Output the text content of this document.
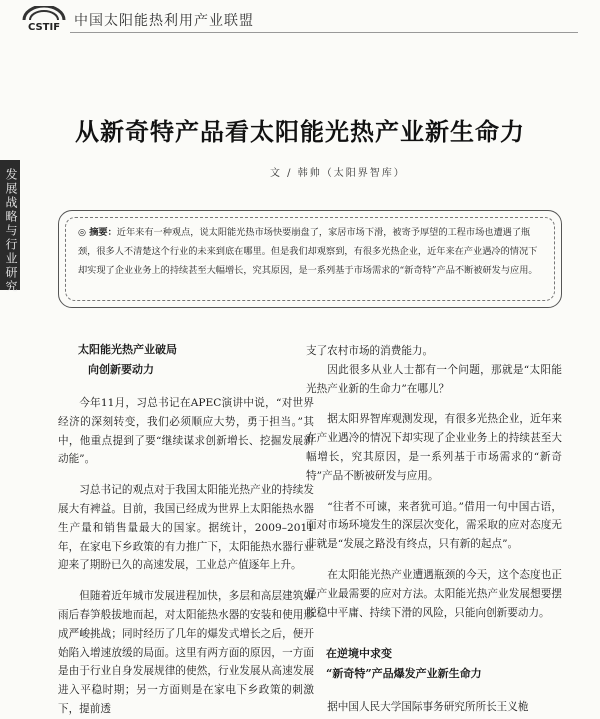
CSTIF 中国太阳能热利用产业联盟
发展战略与行业研究
从新奇特产品看太阳能光热产业新生命力
文 / 韩帅（太阳界智库）
◎ 摘要：近年来有一种观点，说太阳能光热市场快要崩盘了，家居市场下滑，被寄予厚望的工程市场也遭遇了瓶颈，很多人不清楚这个行业的未来到底在哪里。但是我们却观察到，有很多光热企业，近年来在产业遇冷的情况下却实现了企业业务上的持续甚至大幅增长，究其原因，是一系列基于市场需求的“新奇特”产品不断被研发与应用。
太阳能光热产业破局
向创新要动力

今年11月，习总书记在APEC演讲中说，“对世界经济的深刻转变，我们必须顺应大势，勇于担当。”其中，他重点提到了要“继续谋求创新增长、挖掘发展新动能”。

习总书记的观点对于我国太阳能光热产业的持续发展大有裨益。目前，我国已经成为世界上太阳能热水器生产量和销售量最大的国家。据统计，2009–2011年，在家电下乡政策的有力推广下，太阳能热水器行业迎来了期盼已久的高速发展，工业总产值逐年上升。

但随着近年城市发展进程加快，多层和高层建筑如雨后春笋般拔地而起，对太阳能热水器的安装和使用形成严峻挑战；同时经历了几年的爆发式增长之后，便开始陷入增速放缓的局面。这里有两方面的原因，一方面是由于行业自身发展规律的使然，行业发展从高速发展进入平稳时期；另一方面则是在家电下乡政策的刺激下，提前透

支了农村市场的消费能力。

因此很多从业人士都有一个问题，那就是“太阳能光热产业新的生命力”在哪儿？

据太阳界智库观测发现，有很多光热企业，近年来在产业遇冷的情况下却实现了企业业务上的持续甚至大幅增长，究其原因，是一系列基于市场需求的“新奇特”产品不断被研发与应用。

“往者不可谏，来者犹可追。”借用一句中国古语，面对市场环境发生的深层次变化，需采取的应对态度无非就是“发展之路没有终点，只有新的起点”。

在太阳能光热产业遭遇瓶颈的今天，这个态度也正是产业最需要的应对方法。太阳能光热产业发展想要摆脱稳中平庸、持续下滑的风险，只能向创新要动力。

在逆境中求变
“新奇特”产品爆发产业新生命力

据中国人民大学国际事务研究所所长王义桅
